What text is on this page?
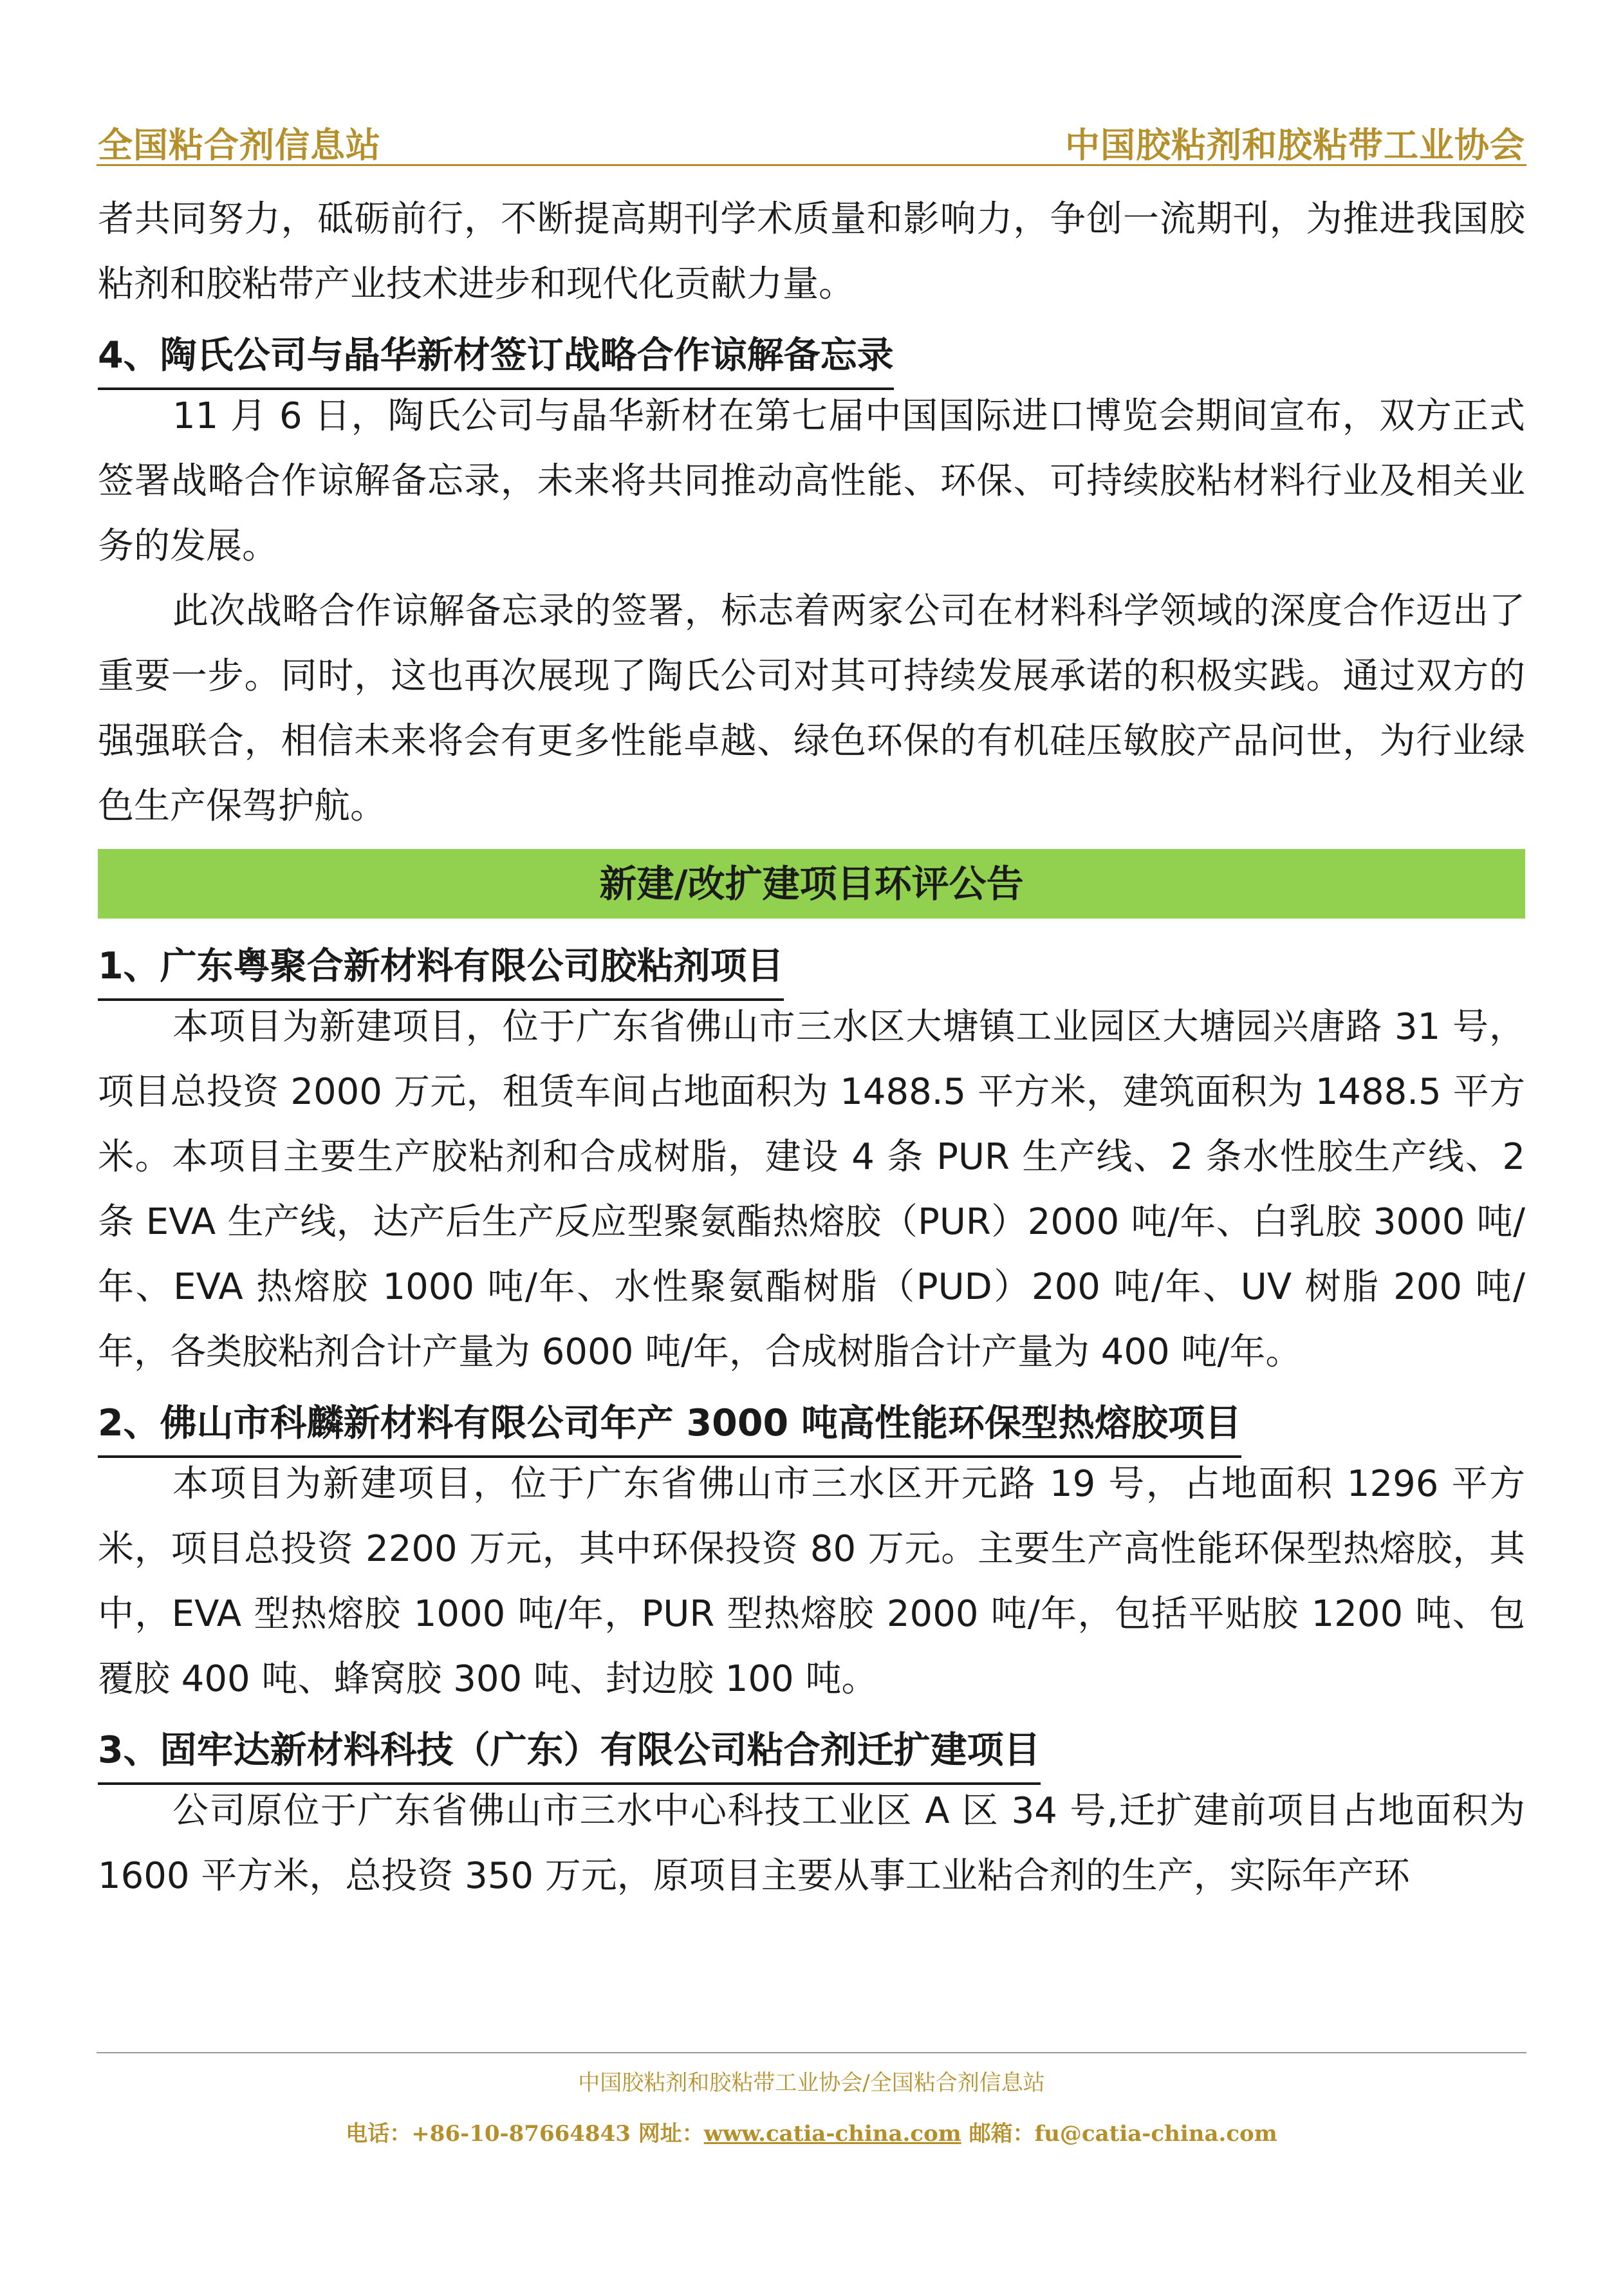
全国粘合剂信息站	中国胶粘剂和胶粘带工业协会

者共同努力，砥砺前行，不断提高期刊学术质量和影响力，争创一流期刊，为推进我国胶粘剂和胶粘带产业技术进步和现代化贡献力量。

4、陶氏公司与晶华新材签订战略合作谅解备忘录

11 月 6 日，陶氏公司与晶华新材在第七届中国国际进口博览会期间宣布，双方正式签署战略合作谅解备忘录，未来将共同推动高性能、环保、可持续胶粘材料行业及相关业务的发展。

此次战略合作谅解备忘录的签署，标志着两家公司在材料科学领域的深度合作迈出了重要一步。同时，这也再次展现了陶氏公司对其可持续发展承诺的积极实践。通过双方的强强联合，相信未来将会有更多性能卓越、绿色环保的有机硅压敏胶产品问世，为行业绿色生产保驾护航。

新建/改扩建项目环评公告
1、广东粤聚合新材料有限公司胶粘剂项目

本项目为新建项目，位于广东省佛山市三水区大塘镇工业园区大塘园兴唐路 31 号，项目总投资 2000 万元，租赁车间占地面积为 1488.5 平方米，建筑面积为 1488.5 平方米。本项目主要生产胶粘剂和合成树脂，建设 4 条 PUR 生产线、2 条水性胶生产线、2 条 EVA 生产线，达产后生产反应型聚氨酯热熔胶（PUR）2000 吨/年、白乳胶 3000 吨/年、EVA 热熔胶 1000 吨/年、水性聚氨酯树脂（PUD）200 吨/年、UV 树脂 200 吨/年，各类胶粘剂合计产量为 6000 吨/年，合成树脂合计产量为 400 吨/年。

2、佛山市科麟新材料有限公司年产 3000 吨高性能环保型热熔胶项目

本项目为新建项目，位于广东省佛山市三水区开元路 19 号，占地面积 1296 平方米，项目总投资 2200 万元，其中环保投资 80 万元。主要生产高性能环保型热熔胶，其中，EVA 型热熔胶 1000 吨/年，PUR 型热熔胶 2000 吨/年，包括平贴胶 1200 吨、包覆胶 400 吨、蜂窝胶 300 吨、封边胶 100 吨。

3、固牢达新材料科技（广东）有限公司粘合剂迁扩建项目

公司原位于广东省佛山市三水中心科技工业区 A 区 34 号,迁扩建前项目占地面积为 1600 平方米，总投资 350 万元，原项目主要从事工业粘合剂的生产，实际年产环

中国胶粘剂和胶粘带工业协会/全国粘合剂信息站
电话：+86-10-87664843 网址：www.catia-china.com 邮箱：fu@catia-china.com
